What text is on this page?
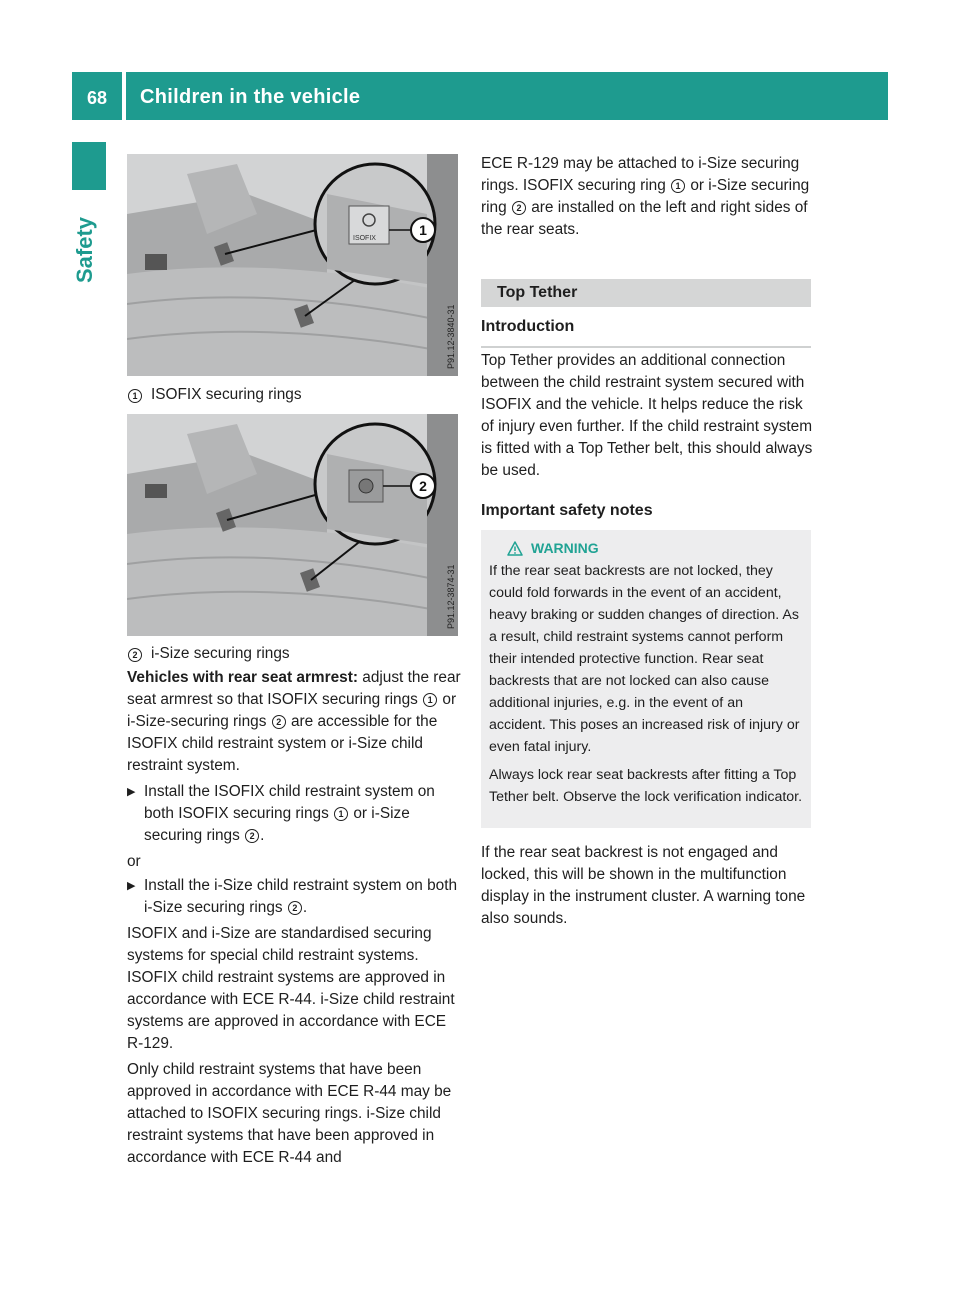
68	Children in the vehicle
Safety	ISOFIX
1
P91.12-3840-31
1 ISOFIX securing rings
2
P91.12-3874-31
2 i-Size securing rings

Vehicles with rear seat armrest: adjust the rear seat armrest so that ISOFIX securing rings 1 or i-Size-securing rings 2 are accessible for the ISOFIX child restraint system or i-Size child restraint system.

▶ Install the ISOFIX child restraint system on both ISOFIX securing rings 1 or i-Size securing rings 2 .

or

▶ Install the i-Size child restraint system on both i-Size securing rings 2 .

ISOFIX and i-Size are standardised securing systems for special child restraint systems. ISOFIX child restraint systems are approved in accordance with ECE R-44. i-Size child restraint systems are approved in accordance with ECE R-129.

Only child restraint systems that have been approved in accordance with ECE R-44 may be attached to ISOFIX securing rings. i-Size child restraint systems that have been approved in accordance with ECE R-44 and

ECE R-129 may be attached to i-Size securing rings. ISOFIX securing ring 1 or i-Size securing ring 2 are installed on the left and right sides of the rear seats.

Top Tether
Introduction

Top Tether provides an additional connection between the child restraint system secured with ISOFIX and the vehicle. It helps reduce the risk of injury even further. If the child restraint system is fitted with a Top Tether belt, this should always be used.

Important safety notes
WARNING

If the rear seat backrests are not locked, they could fold forwards in the event of an accident, heavy braking or sudden changes of direction. As a result, child restraint systems cannot perform their intended protective function. Rear seat backrests that are not locked can also cause additional injuries, e.g. in the event of an accident. This poses an increased risk of injury or even fatal injury.

Always lock rear seat backrests after fitting a Top Tether belt. Observe the lock verification indicator.

If the rear seat backrest is not engaged and locked, this will be shown in the multifunction display in the instrument cluster. A warning tone also sounds.
